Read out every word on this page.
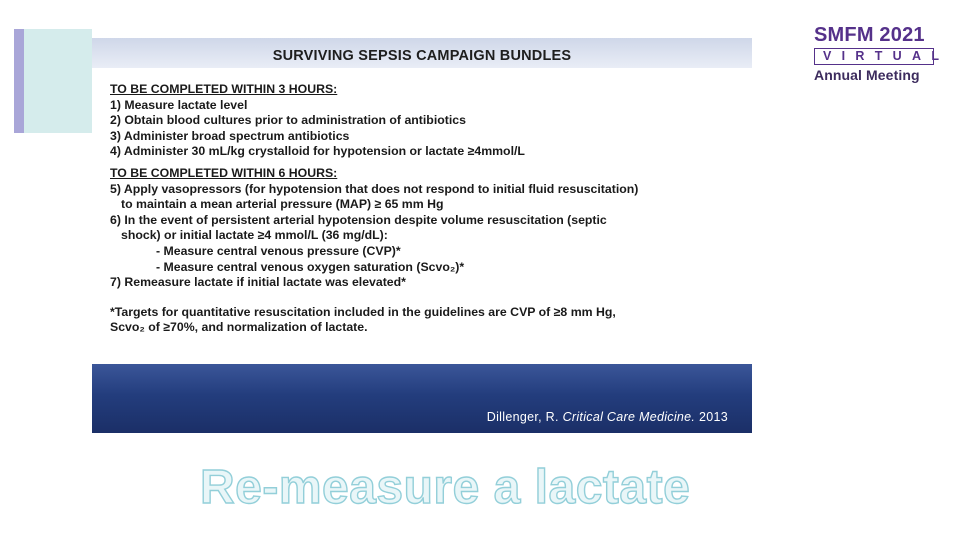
SURVIVING SEPSIS CAMPAIGN BUNDLES
TO BE COMPLETED WITHIN 3 HOURS:
1) Measure lactate level
2) Obtain blood cultures prior to administration of antibiotics
3) Administer broad spectrum antibiotics
4) Administer 30 mL/kg crystalloid for hypotension or lactate ≥4mmol/L
TO BE COMPLETED WITHIN 6 HOURS:
5) Apply vasopressors (for hypotension that does not respond to initial fluid resuscitation)
to maintain a mean arterial pressure (MAP) ≥ 65 mm Hg
6) In the event of persistent arterial hypotension despite volume resuscitation (septic
shock) or initial lactate ≥4 mmol/L (36 mg/dL):
- Measure central venous pressure (CVP)*
- Measure central venous oxygen saturation (Scvo₂)*
7) Remeasure lactate if initial lactate was elevated*
*Targets for quantitative resuscitation included in the guidelines are CVP of ≥8 mm Hg,
Scvo₂ of ≥70%, and normalization of lactate.
Dillenger, R. Critical Care Medicine. 2013
SMFM 2021
VIRTUAL
Annual Meeting
Re-measure a lactate
